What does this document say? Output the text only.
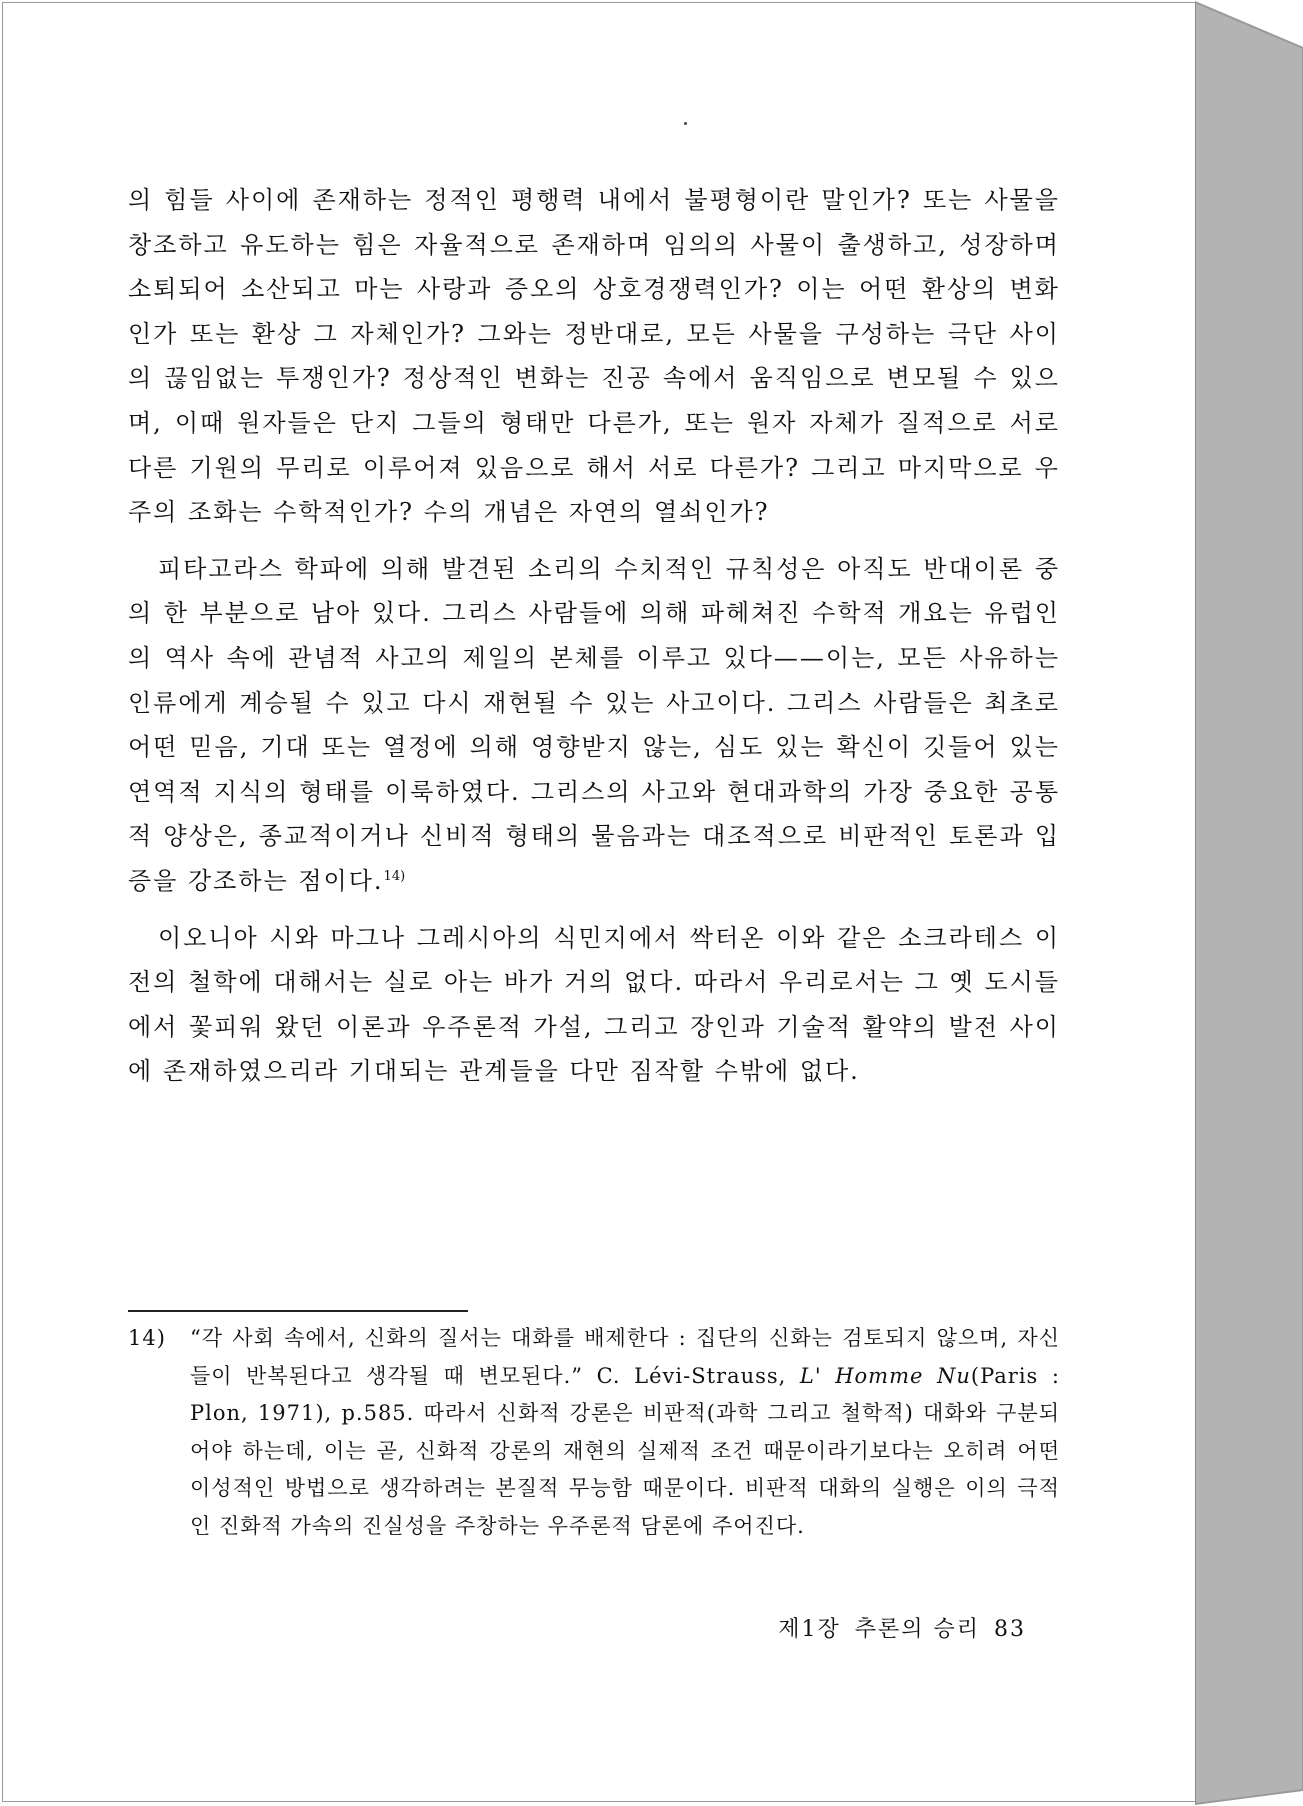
의 힘들 사이에 존재하는 정적인 평행력 내에서 불평형이란 말인가? 또는 사물을 창조하고 유도하는 힘은 자율적으로 존재하며 임의의 사물이 출생하고, 성장하며 소퇴되어 소산되고 마는 사랑과 증오의 상호경쟁력인가? 이는 어떤 환상의 변화인가 또는 환상 그 자체인가? 그와는 정반대로, 모든 사물을 구성하는 극단 사이의 끊임없는 투쟁인가? 정상적인 변화는 진공 속에서 움직임으로 변모될 수 있으며, 이때 원자들은 단지 그들의 형태만 다른가, 또는 원자 자체가 질적으로 서로 다른 기원의 무리로 이루어져 있음으로 해서 서로 다른가? 그리고 마지막으로 우주의 조화는 수학적인가? 수의 개념은 자연의 열쇠인가?

피타고라스 학파에 의해 발견된 소리의 수치적인 규칙성은 아직도 반대이론 중의 한 부분으로 남아 있다. 그리스 사람들에 의해 파헤쳐진 수학적 개요는 유럽인의 역사 속에 관념적 사고의 제일의 본체를 이루고 있다——이는, 모든 사유하는 인류에게 계승될 수 있고 다시 재현될 수 있는 사고이다. 그리스 사람들은 최초로 어떤 믿음, 기대 또는 열정에 의해 영향받지 않는, 심도 있는 확신이 깃들어 있는 연역적 지식의 형태를 이룩하였다. 그리스의 사고와 현대과학의 가장 중요한 공통적 양상은, 종교적이거나 신비적 형태의 물음과는 대조적으로 비판적인 토론과 입증을 강조하는 점이다.$^{14)}$

이오니아 시와 마그나 그레시아의 식민지에서 싹터온 이와 같은 소크라테스 이전의 철학에 대해서는 실로 아는 바가 거의 없다. 따라서 우리로서는 그 옛 도시들에서 꽃피워 왔던 이론과 우주론적 가설, 그리고 장인과 기술적 활약의 발전 사이에 존재하였으리라 기대되는 관계들을 다만 짐작할 수밖에 없다.

14)	“각 사회 속에서, 신화의 질서는 대화를 배제한다 : 집단의 신화는 검토되지 않으며, 자신들이 반복된다고 생각될 때 변모된다.” C. Lévi-Strauss, L' Homme Nu(Paris : Plon, 1971), p.585. 따라서 신화적 강론은 비판적(과학 그리고 철학적) 대화와 구분되어야 하는데, 이는 곧, 신화적 강론의 재현의 실제적 조건 때문이라기보다는 오히려 어떤 이성적인 방법으로 생각하려는 본질적 무능함 때문이다. 비판적 대화의 실행은 이의 극적인 진화적 가속의 진실성을 주창하는 우주론적 담론에 주어진다.
제1장 추론의 승리 83
